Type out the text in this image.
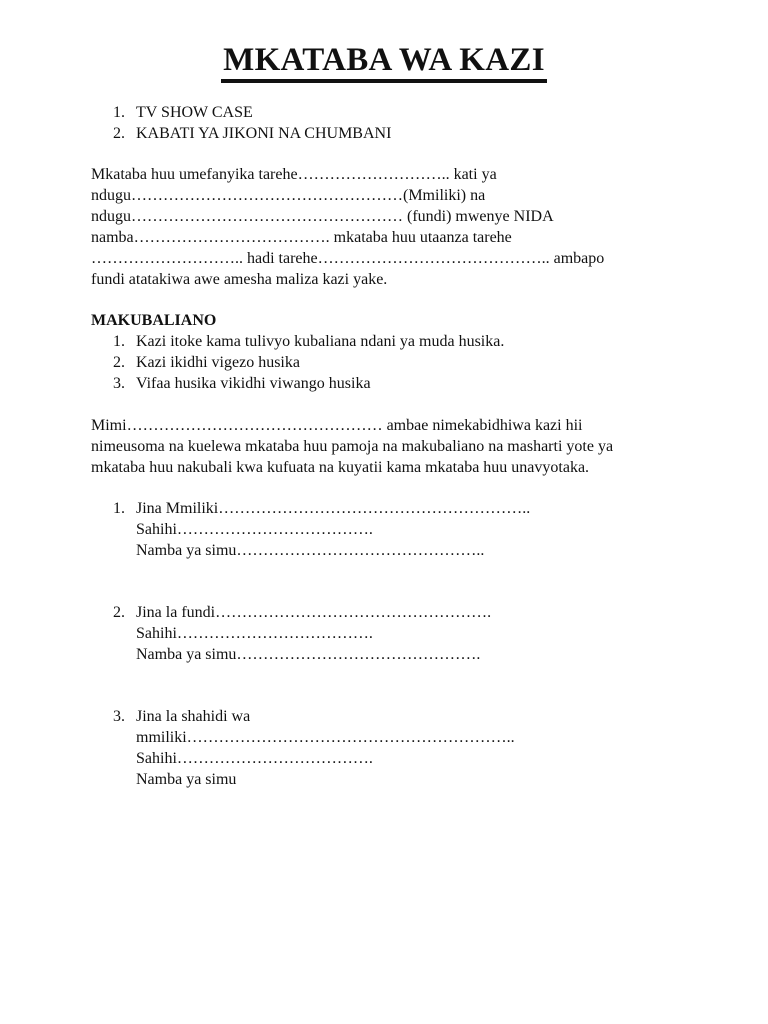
MKATABA WA KAZI
1. TV SHOW CASE
2. KABATI YA JIKONI NA CHUMBANI
Mkataba huu umefanyika tarehe……………………….. kati ya
ndugu……………………………………………(Mmiliki) na
ndugu…………………………………………… (fundi) mwenye NIDA
namba………………………………. mkataba huu utaanza tarehe
……………………….. hadi tarehe…………………………………….. ambapo
fundi atatakiwa awe amesha maliza kazi yake.
MAKUBALIANO
1. Kazi itoke kama tulivyo kubaliana ndani ya muda husika.
2. Kazi ikidhi vigezo husika
3. Vifaa husika vikidhi viwango husika
Mimi………………………………………… ambae nimekabidhiwa kazi hii
nimeusoma na kuelewa mkataba huu pamoja na makubaliano na masharti yote ya
mkataba huu nakubali kwa kufuata na kuyatii kama mkataba huu unavyotaka.
1. Jina Mmiliki…………………………………………………..
Sahihi……………………………….
Namba ya simu………………………………………..
2. Jina la fundi…………………………………………….
Sahihi……………………………….
Namba ya simu……………………………………….
3. Jina la shahidi wa
mmiliki……………………………………………………..
Sahihi……………………………….
Namba ya simu
